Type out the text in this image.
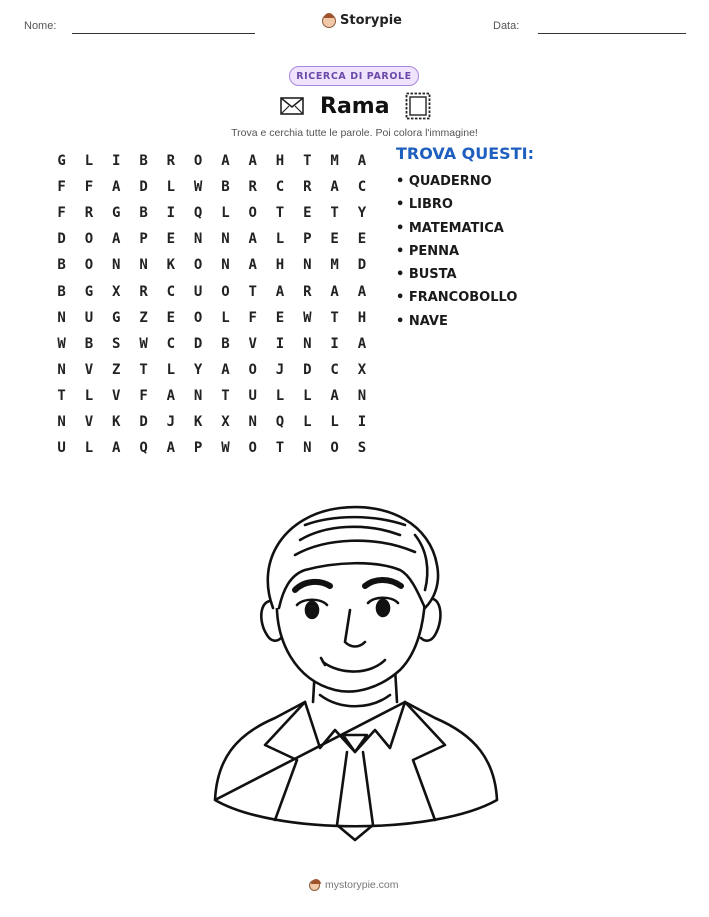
Nome:	Storypie	Data:
RICERCA DI PAROLE
Rama
Trova e cerchia tutte le parole. Poi colora l'immagine!
G	L	I	B	R	O	A	A	H	T	M	A
F	F	A	D	L	W	B	R	C	R	A	C
F	R	G	B	I	Q	L	O	T	E	T	Y
D	O	A	P	E	N	N	A	L	P	E	E
B	O	N	N	K	O	N	A	H	N	M	D
B	G	X	R	C	U	O	T	A	R	A	A
N	U	G	Z	E	O	L	F	E	W	T	H
W	B	S	W	C	D	B	V	I	N	I	A
N	V	Z	T	L	Y	A	O	J	D	C	X
T	L	V	F	A	N	T	U	L	L	A	N
N	V	K	D	J	K	X	N	Q	L	L	I
U	L	A	Q	A	P	W	O	T	N	O	S
TROVA QUESTI:
• QUADERNO
• LIBRO
• MATEMATICA
• PENNA
• BUSTA
• FRANCOBOLLO
• NAVE
mystorypie.com
